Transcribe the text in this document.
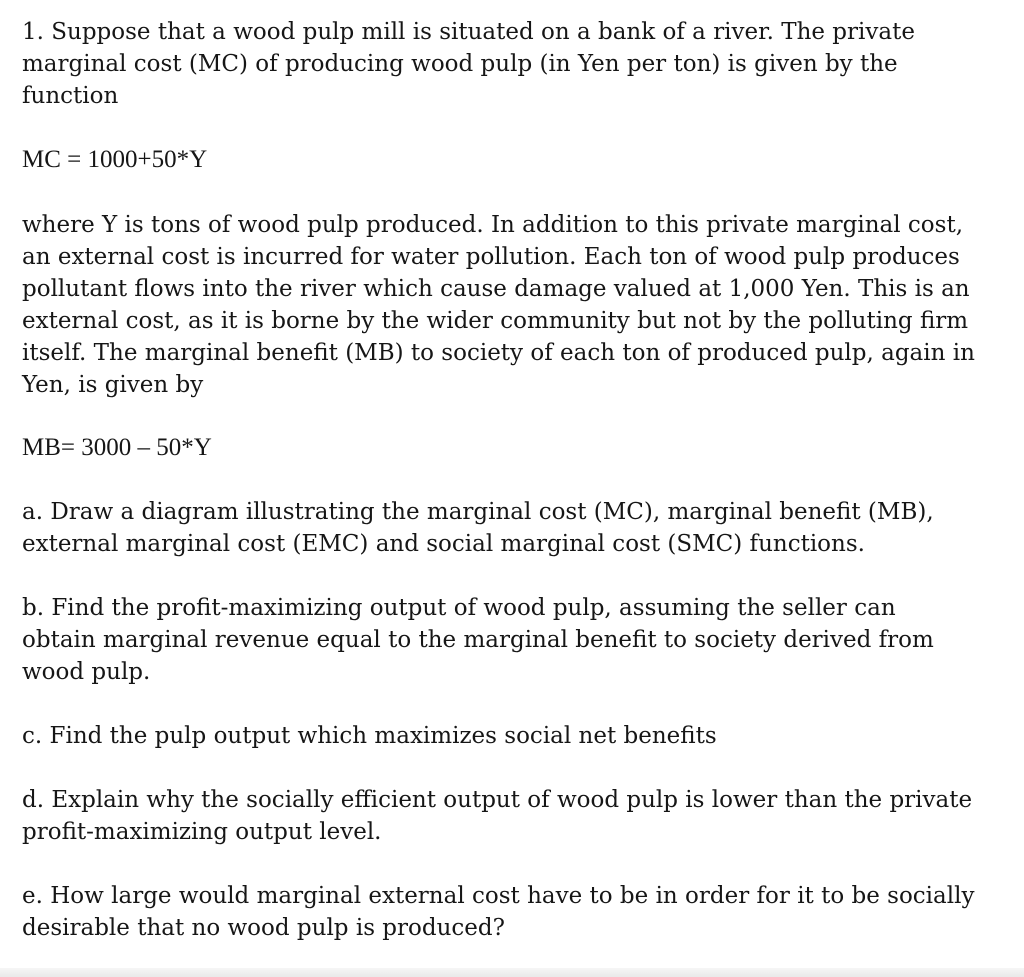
1. Suppose that a wood pulp mill is situated on a bank of a river. The private
marginal cost (MC) of producing wood pulp (in Yen per ton) is given by the
function

MC = 1000+50*Y

where Y is tons of wood pulp produced. In addition to this private marginal cost,
an external cost is incurred for water pollution. Each ton of wood pulp produces
pollutant flows into the river which cause damage valued at 1,000 Yen. This is an
external cost, as it is borne by the wider community but not by the polluting firm
itself. The marginal benefit (MB) to society of each ton of produced pulp, again in
Yen, is given by

MB= 3000 – 50*Y

a. Draw a diagram illustrating the marginal cost (MC), marginal benefit (MB),
external marginal cost (EMC) and social marginal cost (SMC) functions.

b. Find the profit-maximizing output of wood pulp, assuming the seller can
obtain marginal revenue equal to the marginal benefit to society derived from
wood pulp.

c. Find the pulp output which maximizes social net benefits

d. Explain why the socially efficient output of wood pulp is lower than the private
profit-maximizing output level.

e. How large would marginal external cost have to be in order for it to be socially
desirable that no wood pulp is produced?
